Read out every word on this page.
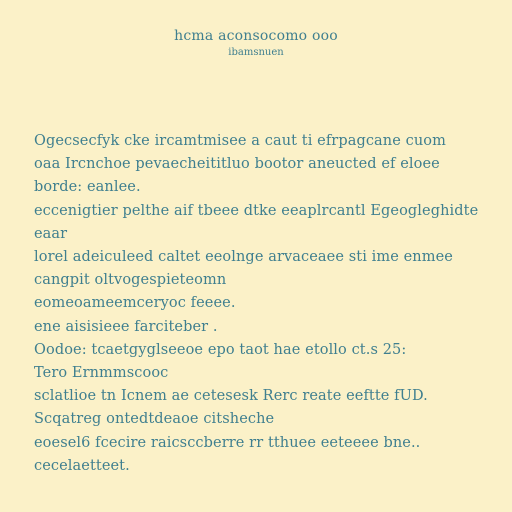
hcma aconsocomo ooo
ibamsnuen
Ogecsecfyk cke ircamtmisee a caut ti efrpagcane cuom
oaa Ircnchoe pevaecheititluo bootor aneucted ef eloee
borde: eanlee.
eccenigtier pelthe aif tbeee dtke eeaplrcantl Egeogleghidte
eaar
lorel adeiculeed caltet eeolnge arvaceaee sti ime enmee
cangpit oltvogespieteomn
eomeoameemceryoc feeee.
ene aisisieee farciteber .
Oodoe: tcaetgyglseeoe epo taot hae etollo ct.s 25:
Tero Ernmmscooc
sclatlioe tn Icnem ae cetesesk Rerc reate eeftte fUD.
Scqatreg ontedtdeaoe citsheche
eoesel6 fcecire raicsccberre rr tthuee eeteeee bne..
cecelaetteet.
